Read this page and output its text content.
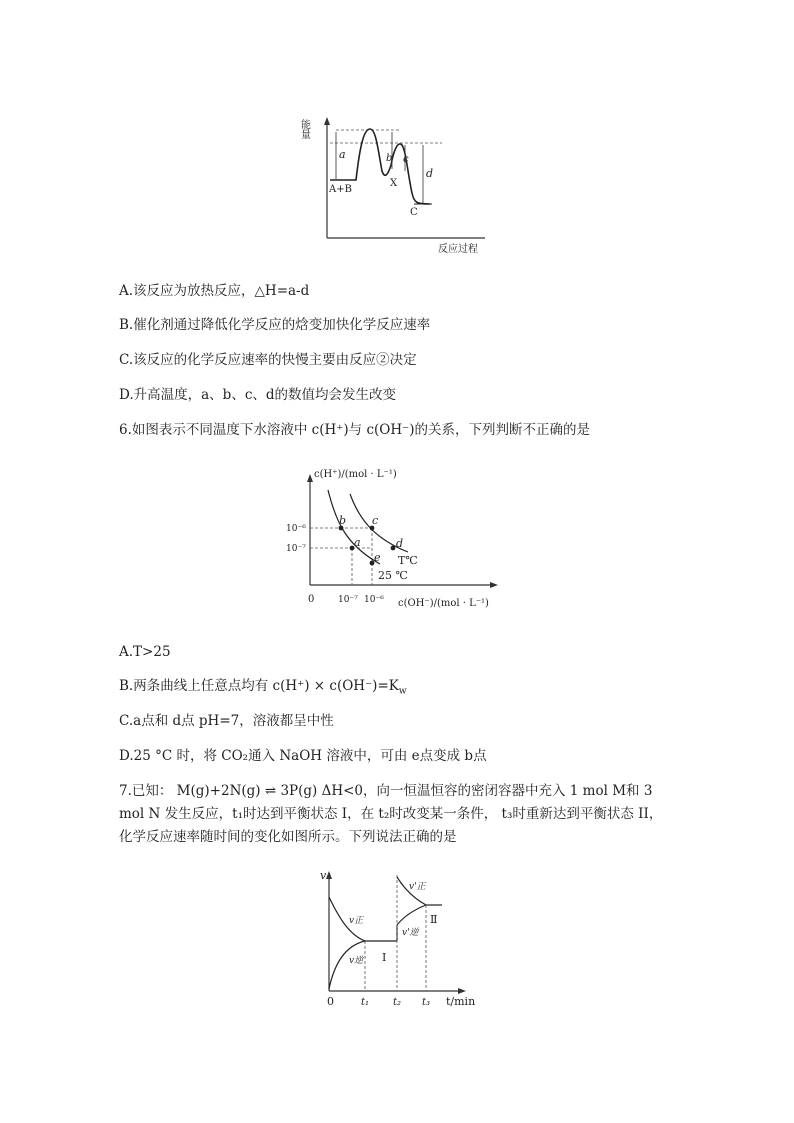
能量
反应过程
a	b c
d
A+B
X
C
A.该反应为放热反应，△H=a-d
B.催化剂通过降低化学反应的焓变加快化学反应速率
C.该反应的化学反应速率的快慢主要由反应②决定
D.升高温度，a、b、c、d的数值均会发生改变
6.如图表示不同温度下水溶液中 c(H⁺)与 c(OH⁻)的关系，下列判断不正确的是
c(H⁺)/(mol · L⁻¹)
c(OH⁻)/(mol · L⁻¹)
0
10⁻⁶
10⁻⁷
10⁻⁷ 10⁻⁶
b c
a	d
e T℃
25 ℃
A.T>25
B.两条曲线上任意点均有 $c(H^+) \times c(OH^-)=K_w$
C.a点和 d点 pH=7，溶液都呈中性
D.25 °C 时，将 CO₂通入 NaOH 溶液中，可由 e点变成 b点
7.已知： M(g)+2N(g) ⇌ 3P(g) ΔH<0，向一恒温恒容的密闭容器中充入 1 mol M和 3
mol N 发生反应，t₁时达到平衡状态 I，在 t₂时改变某一条件， t₃时重新达到平衡状态 II，
化学反应速率随时间的变化如图所示。下列说法正确的是
v
t/min
0	t₁ t₂ t₃
I
Ⅱ
v正
v逆
v'正
v'逆
